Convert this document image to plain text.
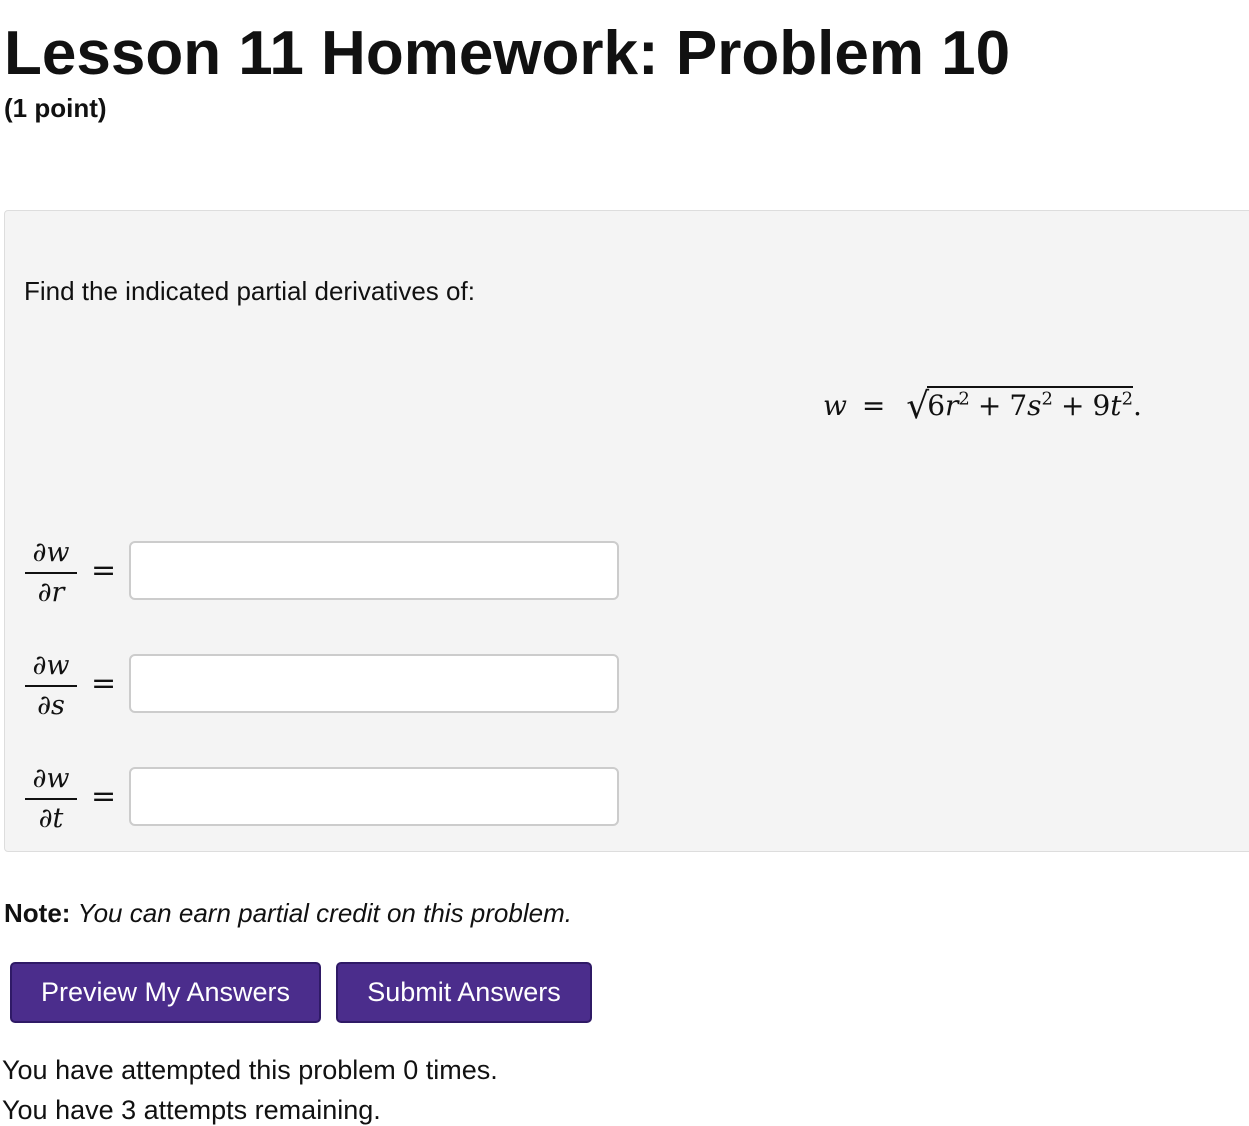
Lesson 11 Homework: Problem 10
(1 point)
Find the indicated partial derivatives of:
$w = √6r^2 + 7s^2 + 9t^2$.
∂w
∂r
=
∂w
∂s
=
∂w
∂t
=
Note: You can earn partial credit on this problem.
Preview My Answers	Submit Answers
You have attempted this problem 0 times.
You have 3 attempts remaining.
